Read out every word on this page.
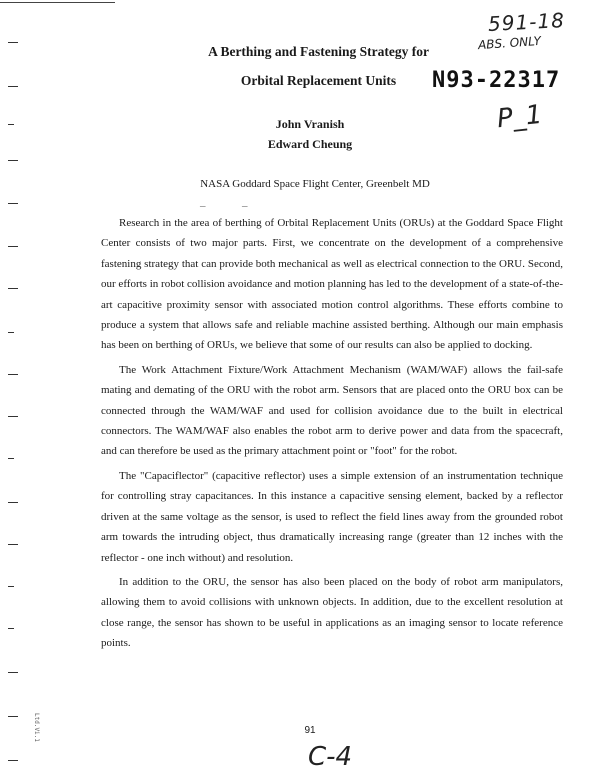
591-18
ABS. ONLY
N93-22317
P_1
A Berthing and Fastening Strategy for
Orbital Replacement Units
John Vranish
Edward Cheung
NASA Goddard Space Flight Center, Greenbelt MD
–	–

Research in the area of berthing of Orbital Replacement Units (ORUs) at the Goddard Space Flight Center consists of two major parts. First, we concentrate on the development of a comprehensive fastening strategy that can provide both mechanical as well as electrical connection to the ORU. Second, our efforts in robot collision avoidance and motion planning has led to the development of a state-of-the-art capacitive proximity sensor with associated motion control algorithms. These efforts combine to produce a system that allows safe and reliable machine assisted berthing. Although our main emphasis has been on berthing of ORUs, we believe that some of our results can also be applied to docking.

The Work Attachment Fixture/Work Attachment Mechanism (WAM/WAF) allows the fail-safe mating and demating of the ORU with the robot arm. Sensors that are placed onto the ORU box can be connected through the WAM/WAF and used for collision avoidance due to the built in electrical connectors. The WAM/WAF also enables the robot arm to derive power and data from the spacecraft, and can therefore be used as the primary attachment point or "foot" for the robot.

The "Capaciflector" (capacitive reflector) uses a simple extension of an instrumentation technique for controlling stray capacitances. In this instance a capacitive sensing element, backed by a reflector driven at the same voltage as the sensor, is used to reflect the field lines away from the grounded robot arm towards the intruding object, thus dramatically increasing range (greater than 12 inches with the reflector - one inch without) and resolution.

In addition to the ORU, the sensor has also been placed on the body of robot arm manipulators, allowing them to avoid collisions with unknown objects. In addition, due to the excellent resolution at close range, the sensor has shown to be useful in applications as an imaging sensor to locate reference points.

Ltd.Vi.1	91
C-4
